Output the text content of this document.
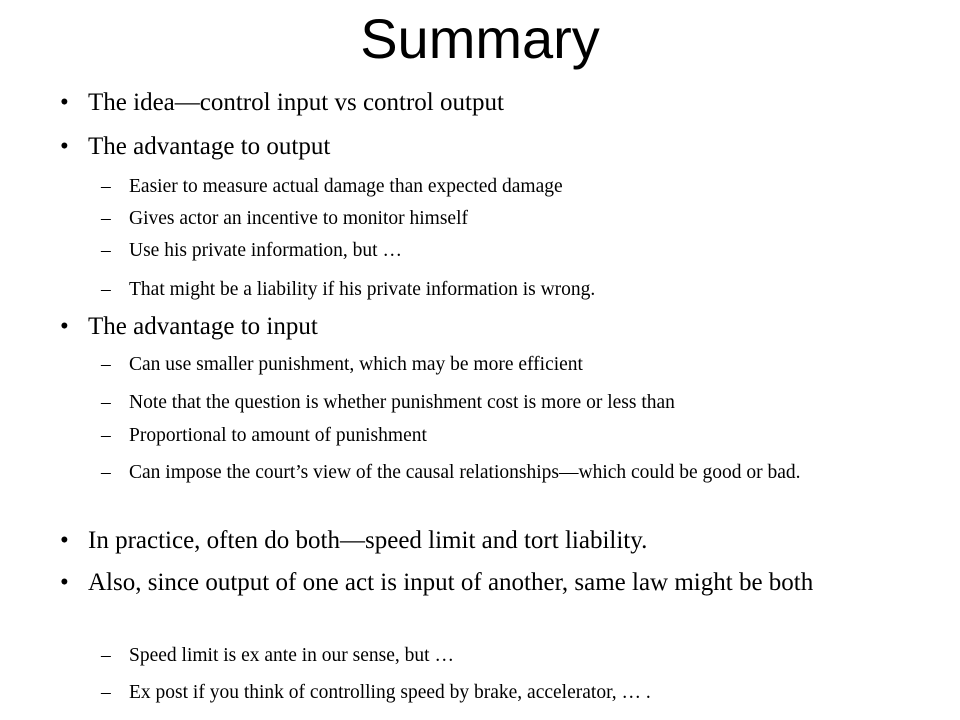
Summary
• The idea—control input vs control output
• The advantage to output
– Easier to measure actual damage than expected damage
– Gives actor an incentive to monitor himself
– Use his private information, but …
– That might be a liability if his private information is wrong.
• The advantage to input
– Can use smaller punishment, which may be more efficient
– Note that the question is whether punishment cost is more or less than
– Proportional to amount of punishment
– Can impose the court’s view of the causal relationships—which could be good or bad.
• In practice, often do both—speed limit and tort liability.
• Also, since output of one act is input of another, same law might be both
– Speed limit is ex ante in our sense, but …
– Ex post if you think of controlling speed by brake, accelerator, … .
